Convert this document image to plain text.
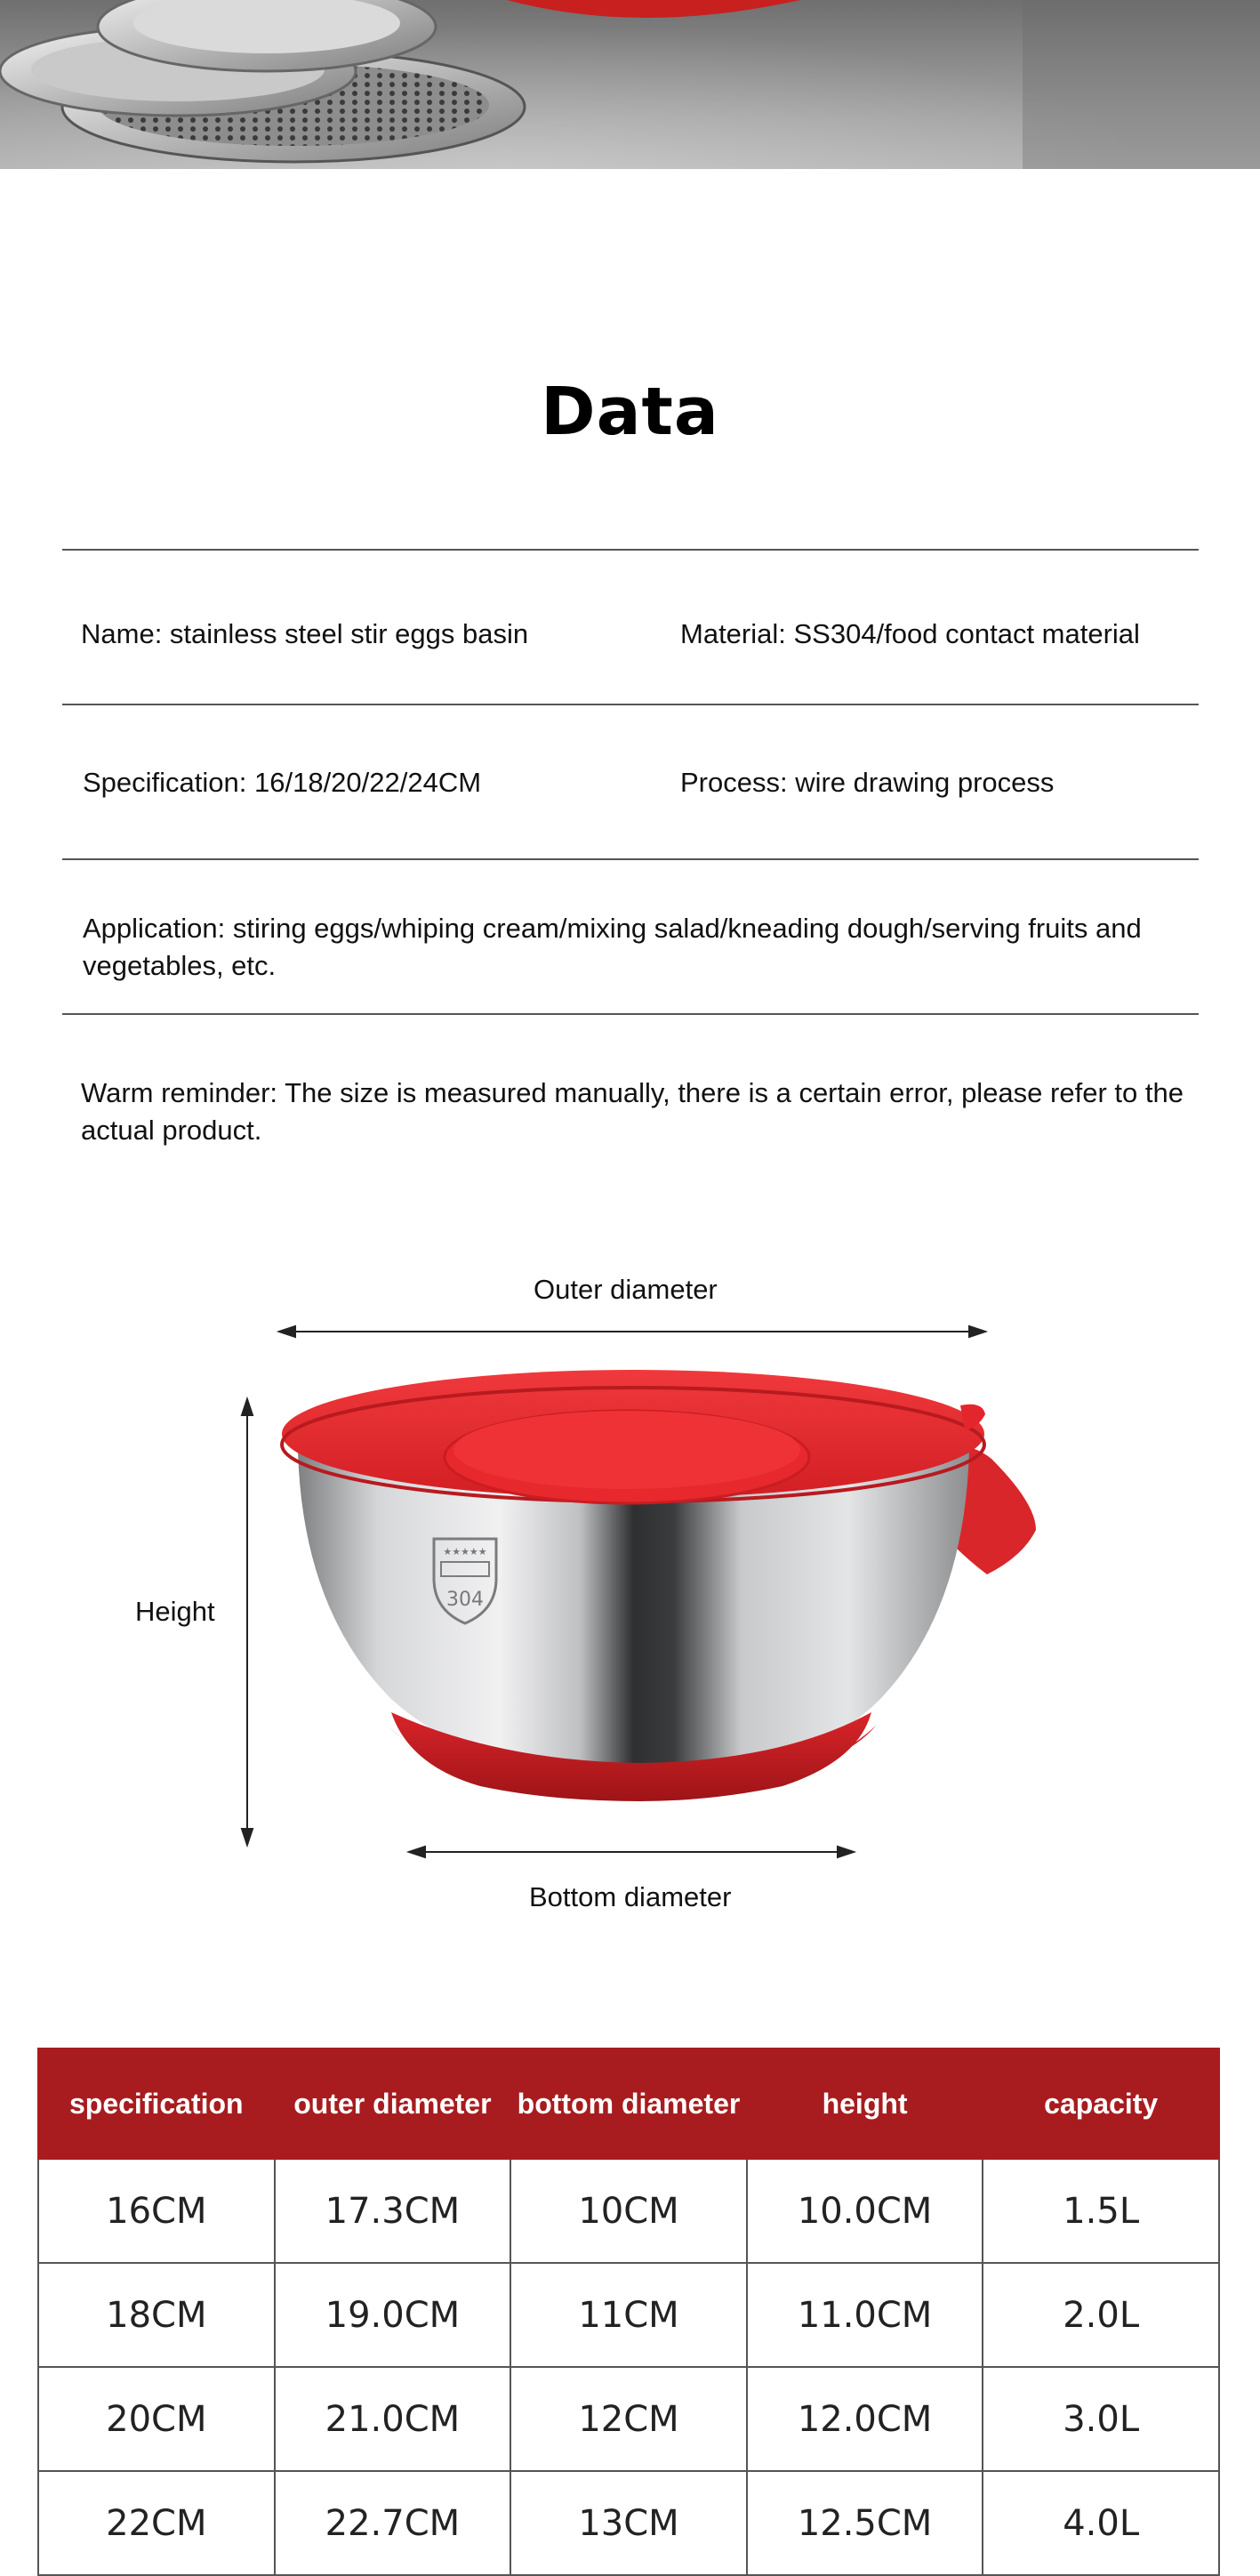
Data
Name: stainless steel stir eggs basin	Material: SS304/food contact material
Specification: 16/18/20/22/24CM	Process: wire drawing process
Application: stiring eggs/whiping cream/mixing salad/kneading dough/serving fruits and vegetables, etc.
Warm reminder: The size is measured manually, there is a certain error, please refer to the actual product.
Outer diameter
Height
Bottom diameter
★★★★★
304
specification	outer diameter	bottom diameter	height	capacity
16CM	17.3CM	10CM	10.0CM	1.5L
18CM	19.0CM	11CM	11.0CM	2.0L
20CM	21.0CM	12CM	12.0CM	3.0L
22CM	22.7CM	13CM	12.5CM	4.0L
